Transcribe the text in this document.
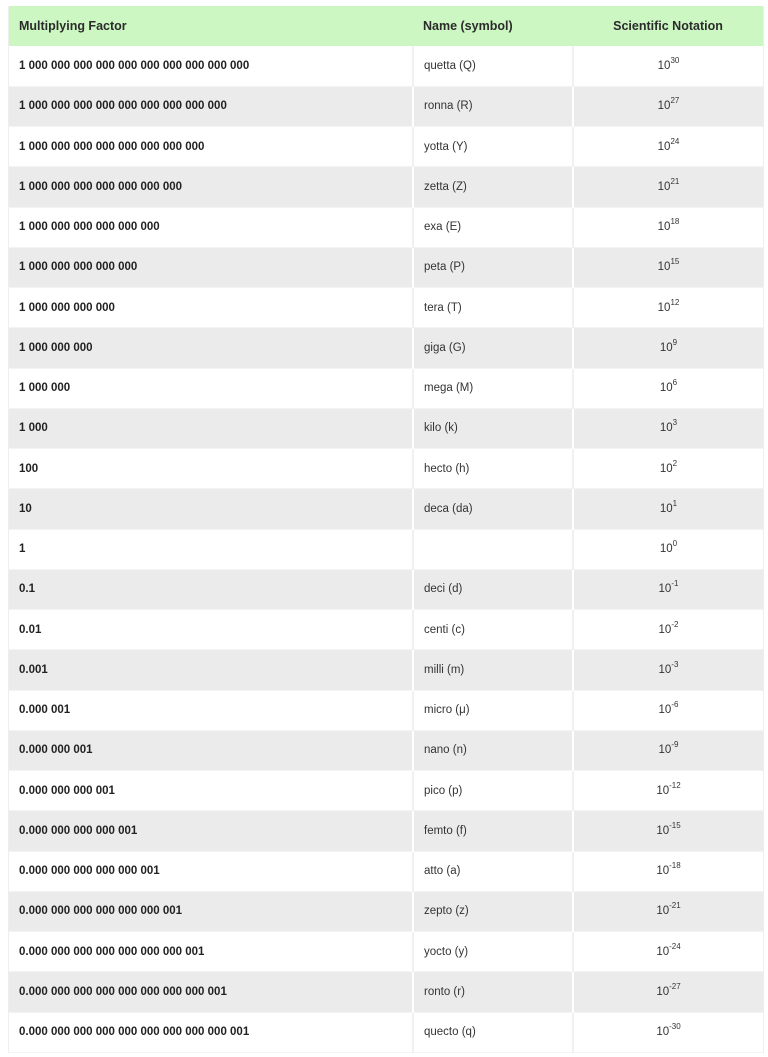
Multiplying Factor	Name (symbol)	Scientific Notation
1 000 000 000 000 000 000 000 000 000 000	quetta (Q)	$10^{30}$
1 000 000 000 000 000 000 000 000 000	ronna (R)	$10^{27}$
1 000 000 000 000 000 000 000 000	yotta (Y)	$10^{24}$
1 000 000 000 000 000 000 000	zetta (Z)	$10^{21}$
1 000 000 000 000 000 000	exa (E)	$10^{18}$
1 000 000 000 000 000	peta (P)	$10^{15}$
1 000 000 000 000	tera (T)	$10^{12}$
1 000 000 000	giga (G)	$10^9$
1 000 000	mega (M)	$10^6$
1 000	kilo (k)	$10^3$
100	hecto (h)	$10^2$
10	deca (da)	$10^1$
1		$10^0$
0.1	deci (d)	$10^{-1}$
0.01	centi (c)	$10^{-2}$
0.001	milli (m)	$10^{-3}$
0.000 001	micro (μ)	$10^{-6}$
0.000 000 001	nano (n)	$10^{-9}$
0.000 000 000 001	pico (p)	$10^{-12}$
0.000 000 000 000 001	femto (f)	$10^{-15}$
0.000 000 000 000 000 001	atto (a)	$10^{-18}$
0.000 000 000 000 000 000 001	zepto (z)	$10^{-21}$
0.000 000 000 000 000 000 000 001	yocto (y)	$10^{-24}$
0.000 000 000 000 000 000 000 000 001	ronto (r)	$10^{-27}$
0.000 000 000 000 000 000 000 000 000 001	quecto (q)	$10^{-30}$
